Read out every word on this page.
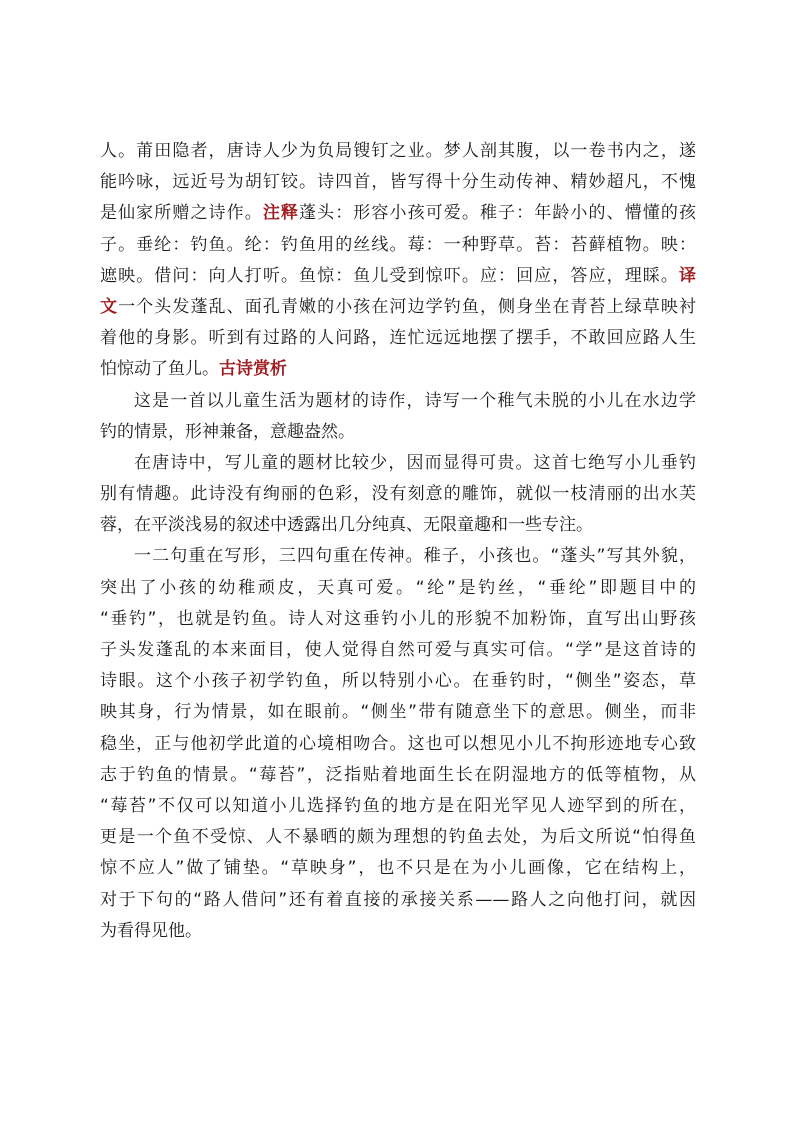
人。莆田隐者，唐诗人少为负局锼钉之业。梦人剖其腹，以一卷书内之，遂
能吟咏，远近号为胡钉铰。诗四首，皆写得十分生动传神、精妙超凡，不愧
是仙家所赠之诗作。注释蓬头：形容小孩可爱。稚子：年龄小的、懵懂的孩
子。垂纶：钓鱼。纶：钓鱼用的丝线。莓：一种野草。苔：苔藓植物。映：
遮映。借问：向人打听。鱼惊：鱼儿受到惊吓。应：回应，答应，理睬。译
文一个头发蓬乱、面孔青嫩的小孩在河边学钓鱼，侧身坐在青苔上绿草映衬
着他的身影。听到有过路的人问路，连忙远远地摆了摆手，不敢回应路人生
怕惊动了鱼儿。古诗赏析
这是一首以儿童生活为题材的诗作，诗写一个稚气未脱的小儿在水边学
钓的情景，形神兼备，意趣盎然。
在唐诗中，写儿童的题材比较少，因而显得可贵。这首七绝写小儿垂钓
别有情趣。此诗没有绚丽的色彩，没有刻意的雕饰，就似一枝清丽的出水芙
蓉，在平淡浅易的叙述中透露出几分纯真、无限童趣和一些专注。
一二句重在写形，三四句重在传神。稚子，小孩也。“蓬头”写其外貌，
突出了小孩的幼稚顽皮，天真可爱。“纶”是钓丝，“垂纶”即题目中的
“垂钓”，也就是钓鱼。诗人对这垂钓小儿的形貌不加粉饰，直写出山野孩
子头发蓬乱的本来面目，使人觉得自然可爱与真实可信。“学”是这首诗的
诗眼。这个小孩子初学钓鱼，所以特别小心。在垂钓时，“侧坐”姿态，草
映其身，行为情景，如在眼前。“侧坐”带有随意坐下的意思。侧坐，而非
稳坐，正与他初学此道的心境相吻合。这也可以想见小儿不拘形迹地专心致
志于钓鱼的情景。“莓苔”，泛指贴着地面生长在阴湿地方的低等植物，从
“莓苔”不仅可以知道小儿选择钓鱼的地方是在阳光罕见人迹罕到的所在，
更是一个鱼不受惊、人不暴晒的颇为理想的钓鱼去处，为后文所说“怕得鱼
惊不应人”做了铺垫。“草映身”，也不只是在为小儿画像，它在结构上，
对于下句的“路人借问”还有着直接的承接关系——路人之向他打问，就因
为看得见他。
